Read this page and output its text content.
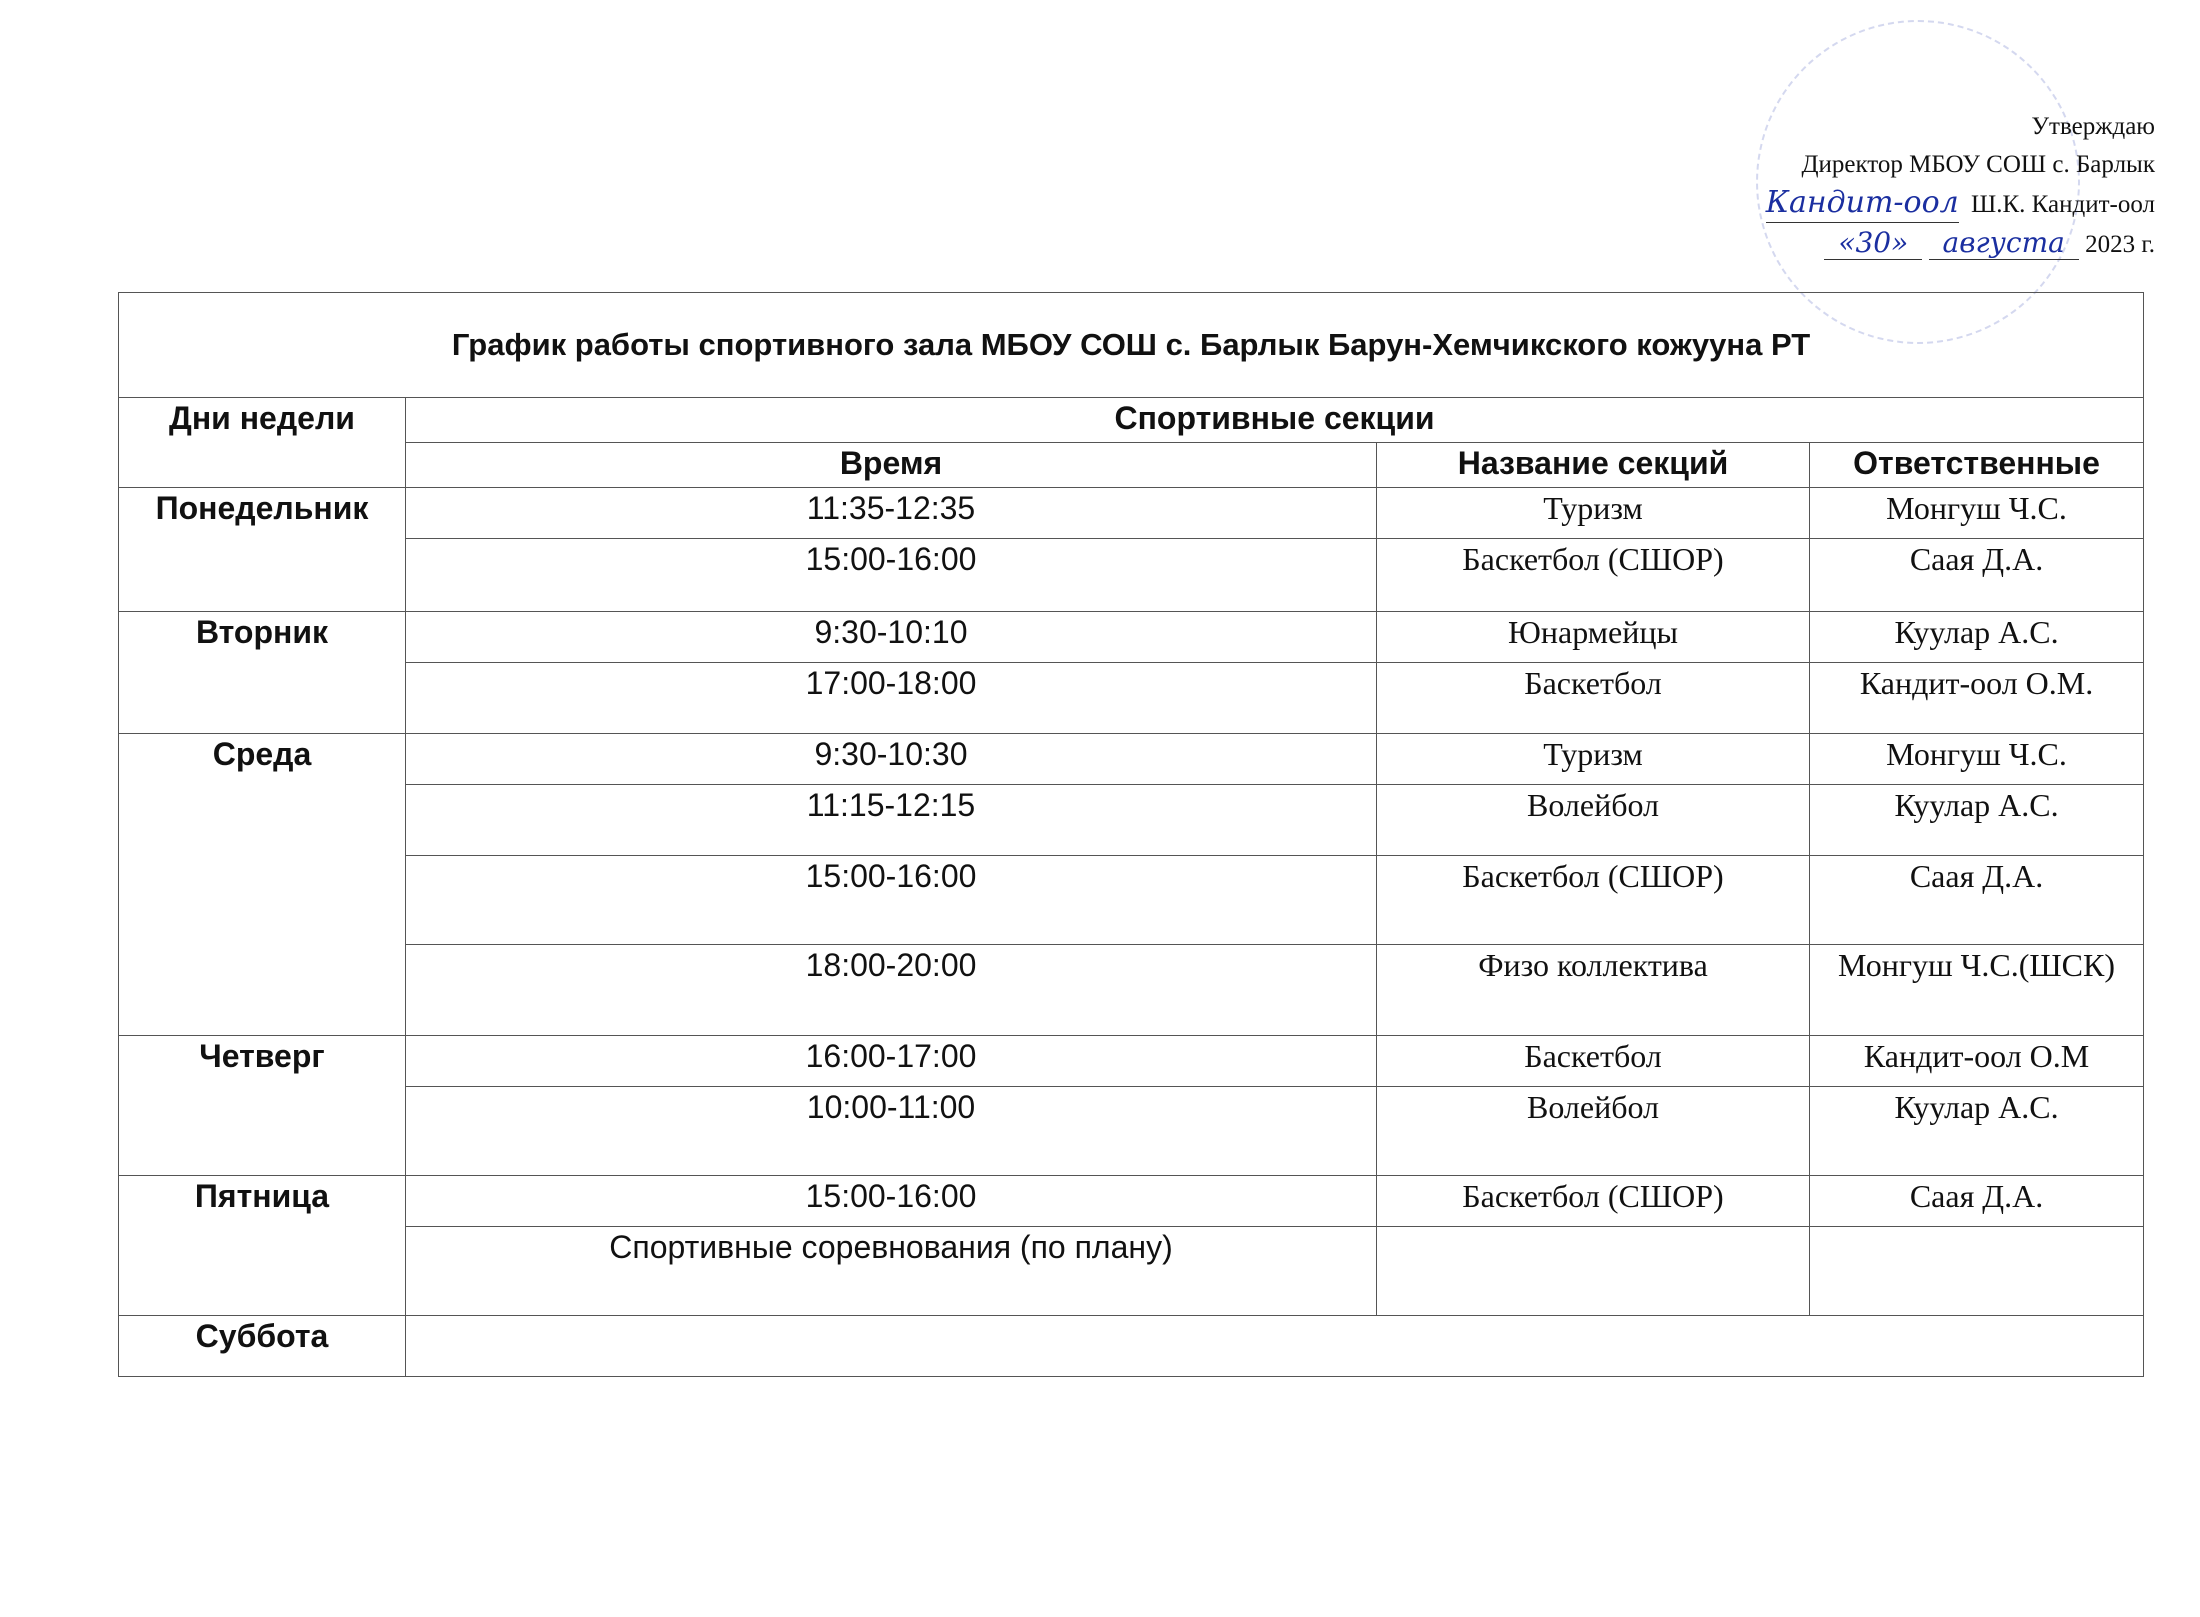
Утверждаю
Директор МБОУ СОШ с. Барлык
Кандит-оол Ш.К. Кандит-оол
«30» августа 2023 г.
График работы спортивного зала МБОУ СОШ с. Барлык Барун-Хемчикского кожууна РТ			
Дни недели	Спортивные секции		
	Время	Название секций	Ответственные
Понедельник	11:35-12:35	Туризм	Монгуш Ч.С.
	15:00-16:00	Баскетбол (СШОР)	Саая Д.А.
Вторник	9:30-10:10	Юнармейцы	Куулар А.С.
	17:00-18:00	Баскетбол	Кандит-оол О.М.
Среда	9:30-10:30	Туризм	Монгуш Ч.С.
	11:15-12:15	Волейбол	Куулар А.С.
	15:00-16:00	Баскетбол (СШОР)	Саая Д.А.
	18:00-20:00	Физо коллектива	Монгуш Ч.С.(ШСК)
Четверг	16:00-17:00	Баскетбол	Кандит-оол О.М
	10:00-11:00	Волейбол	Куулар А.С.
Пятница	15:00-16:00	Баскетбол (СШОР)	Саая Д.А.
	Спортивные соревнования (по плану)		
Суббота			
